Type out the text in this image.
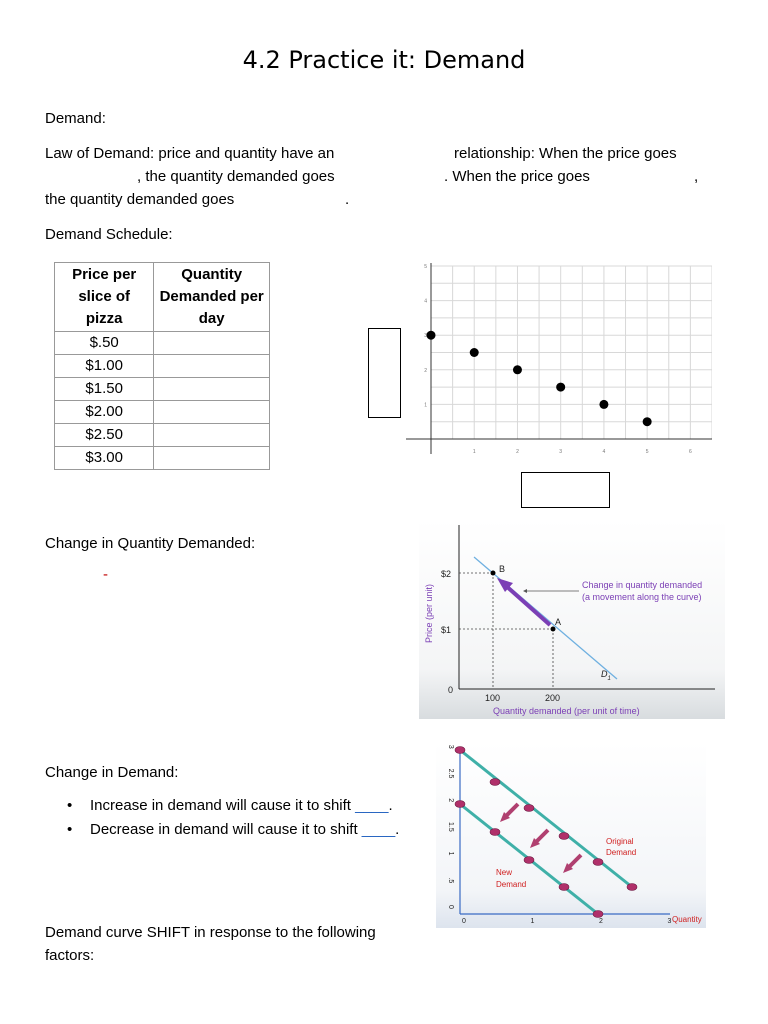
4.2 Practice it: Demand
Demand:
Law of Demand: price and quantity have an	relationship: When the price goes
, the quantity demanded goes	. When the price goes	,
the quantity demanded goes	.
Demand Schedule:
Price per slice of pizza	Quantity Demanded per day
$.50	
$1.00	
$1.50	
$2.00	
$2.50	
$3.00	
1
2
3
4
5
1	2	3	4	5	6
Change in Quantity Demanded:
-	B
A
$2
$1
0
100	200
$D_1$
Change in quantity demanded
(a movement along the curve)
Quantity demanded (per unit of time)
Price (per unit)
Change in Demand:
• Increase in demand will cause it to shift ____.
• Decrease in demand will cause it to shift ____.
0
.5
1
1.5
2
2.5
3
0	1	2	3 Quantity
Original
Demand
New
Demand
Demand curve SHIFT in response to the following
factors:
